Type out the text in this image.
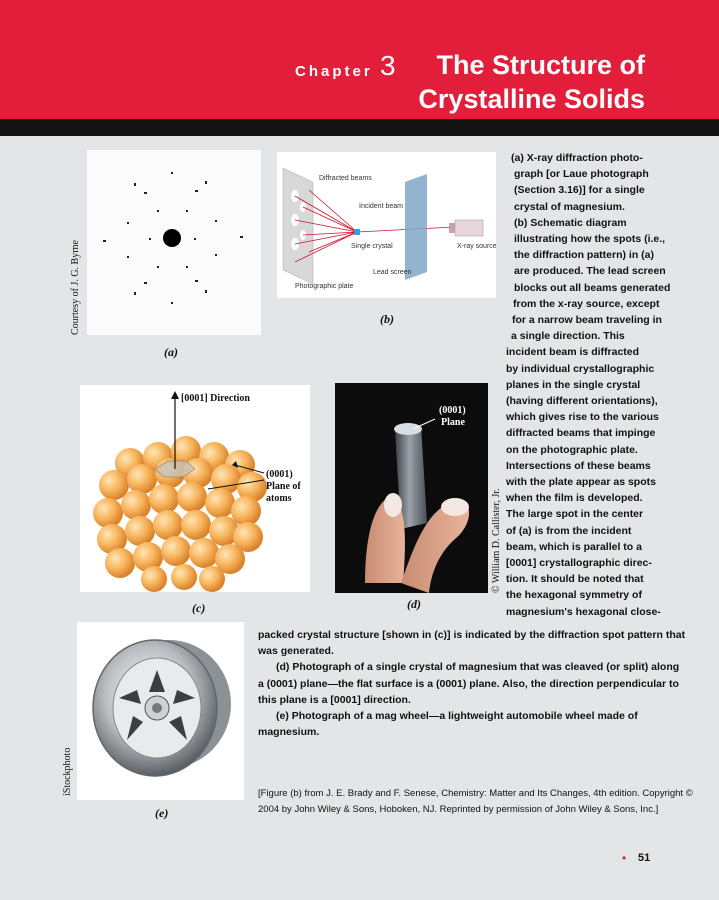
Chapter 3	The Structure of
Crystalline Solids
Courtesy of J. G. Byrne
(a)
Diffracted beams
Incident beam
Single crystal	X-ray source
Lead screen
Photographic plate
(b)
[0001] Direction
(0001)
Plane of
atoms
(c)
(0001)
Plane
© William D. Callister, Jr.
(d)
iStockphoto
(e)
(a) X-ray diffraction photo-
graph [or Laue photograph
(Section 3.16)] for a single
crystal of magnesium.
(b) Schematic diagram
illustrating how the spots (i.e.,
the diffraction pattern) in (a)
are produced. The lead screen
blocks out all beams generated
from the x-ray source, except
for a narrow beam traveling in
a single direction. This
incident beam is diffracted
by individual crystallographic
planes in the single crystal
(having different orientations),
which gives rise to the various
diffracted beams that impinge
on the photographic plate.
Intersections of these beams
with the plate appear as spots
when the film is developed.
The large spot in the center
of (a) is from the incident
beam, which is parallel to a
[0001] crystallographic direc-
tion. It should be noted that
the hexagonal symmetry of
magnesium's hexagonal close-
packed crystal structure [shown in (c)] is indicated by the diffraction spot pattern that
was generated.
(d) Photograph of a single crystal of magnesium that was cleaved (or split) along
a (0001) plane—the flat surface is a (0001) plane. Also, the direction perpendicular to
this plane is a [0001] direction.
(e) Photograph of a mag wheel—a lightweight automobile wheel made of
magnesium.
[Figure (b) from J. E. Brady and F. Senese, Chemistry: Matter and Its Changes, 4th edition. Copyright ©
2004 by John Wiley & Sons, Hoboken, NJ. Reprinted by permission of John Wiley & Sons, Inc.]
• 51
